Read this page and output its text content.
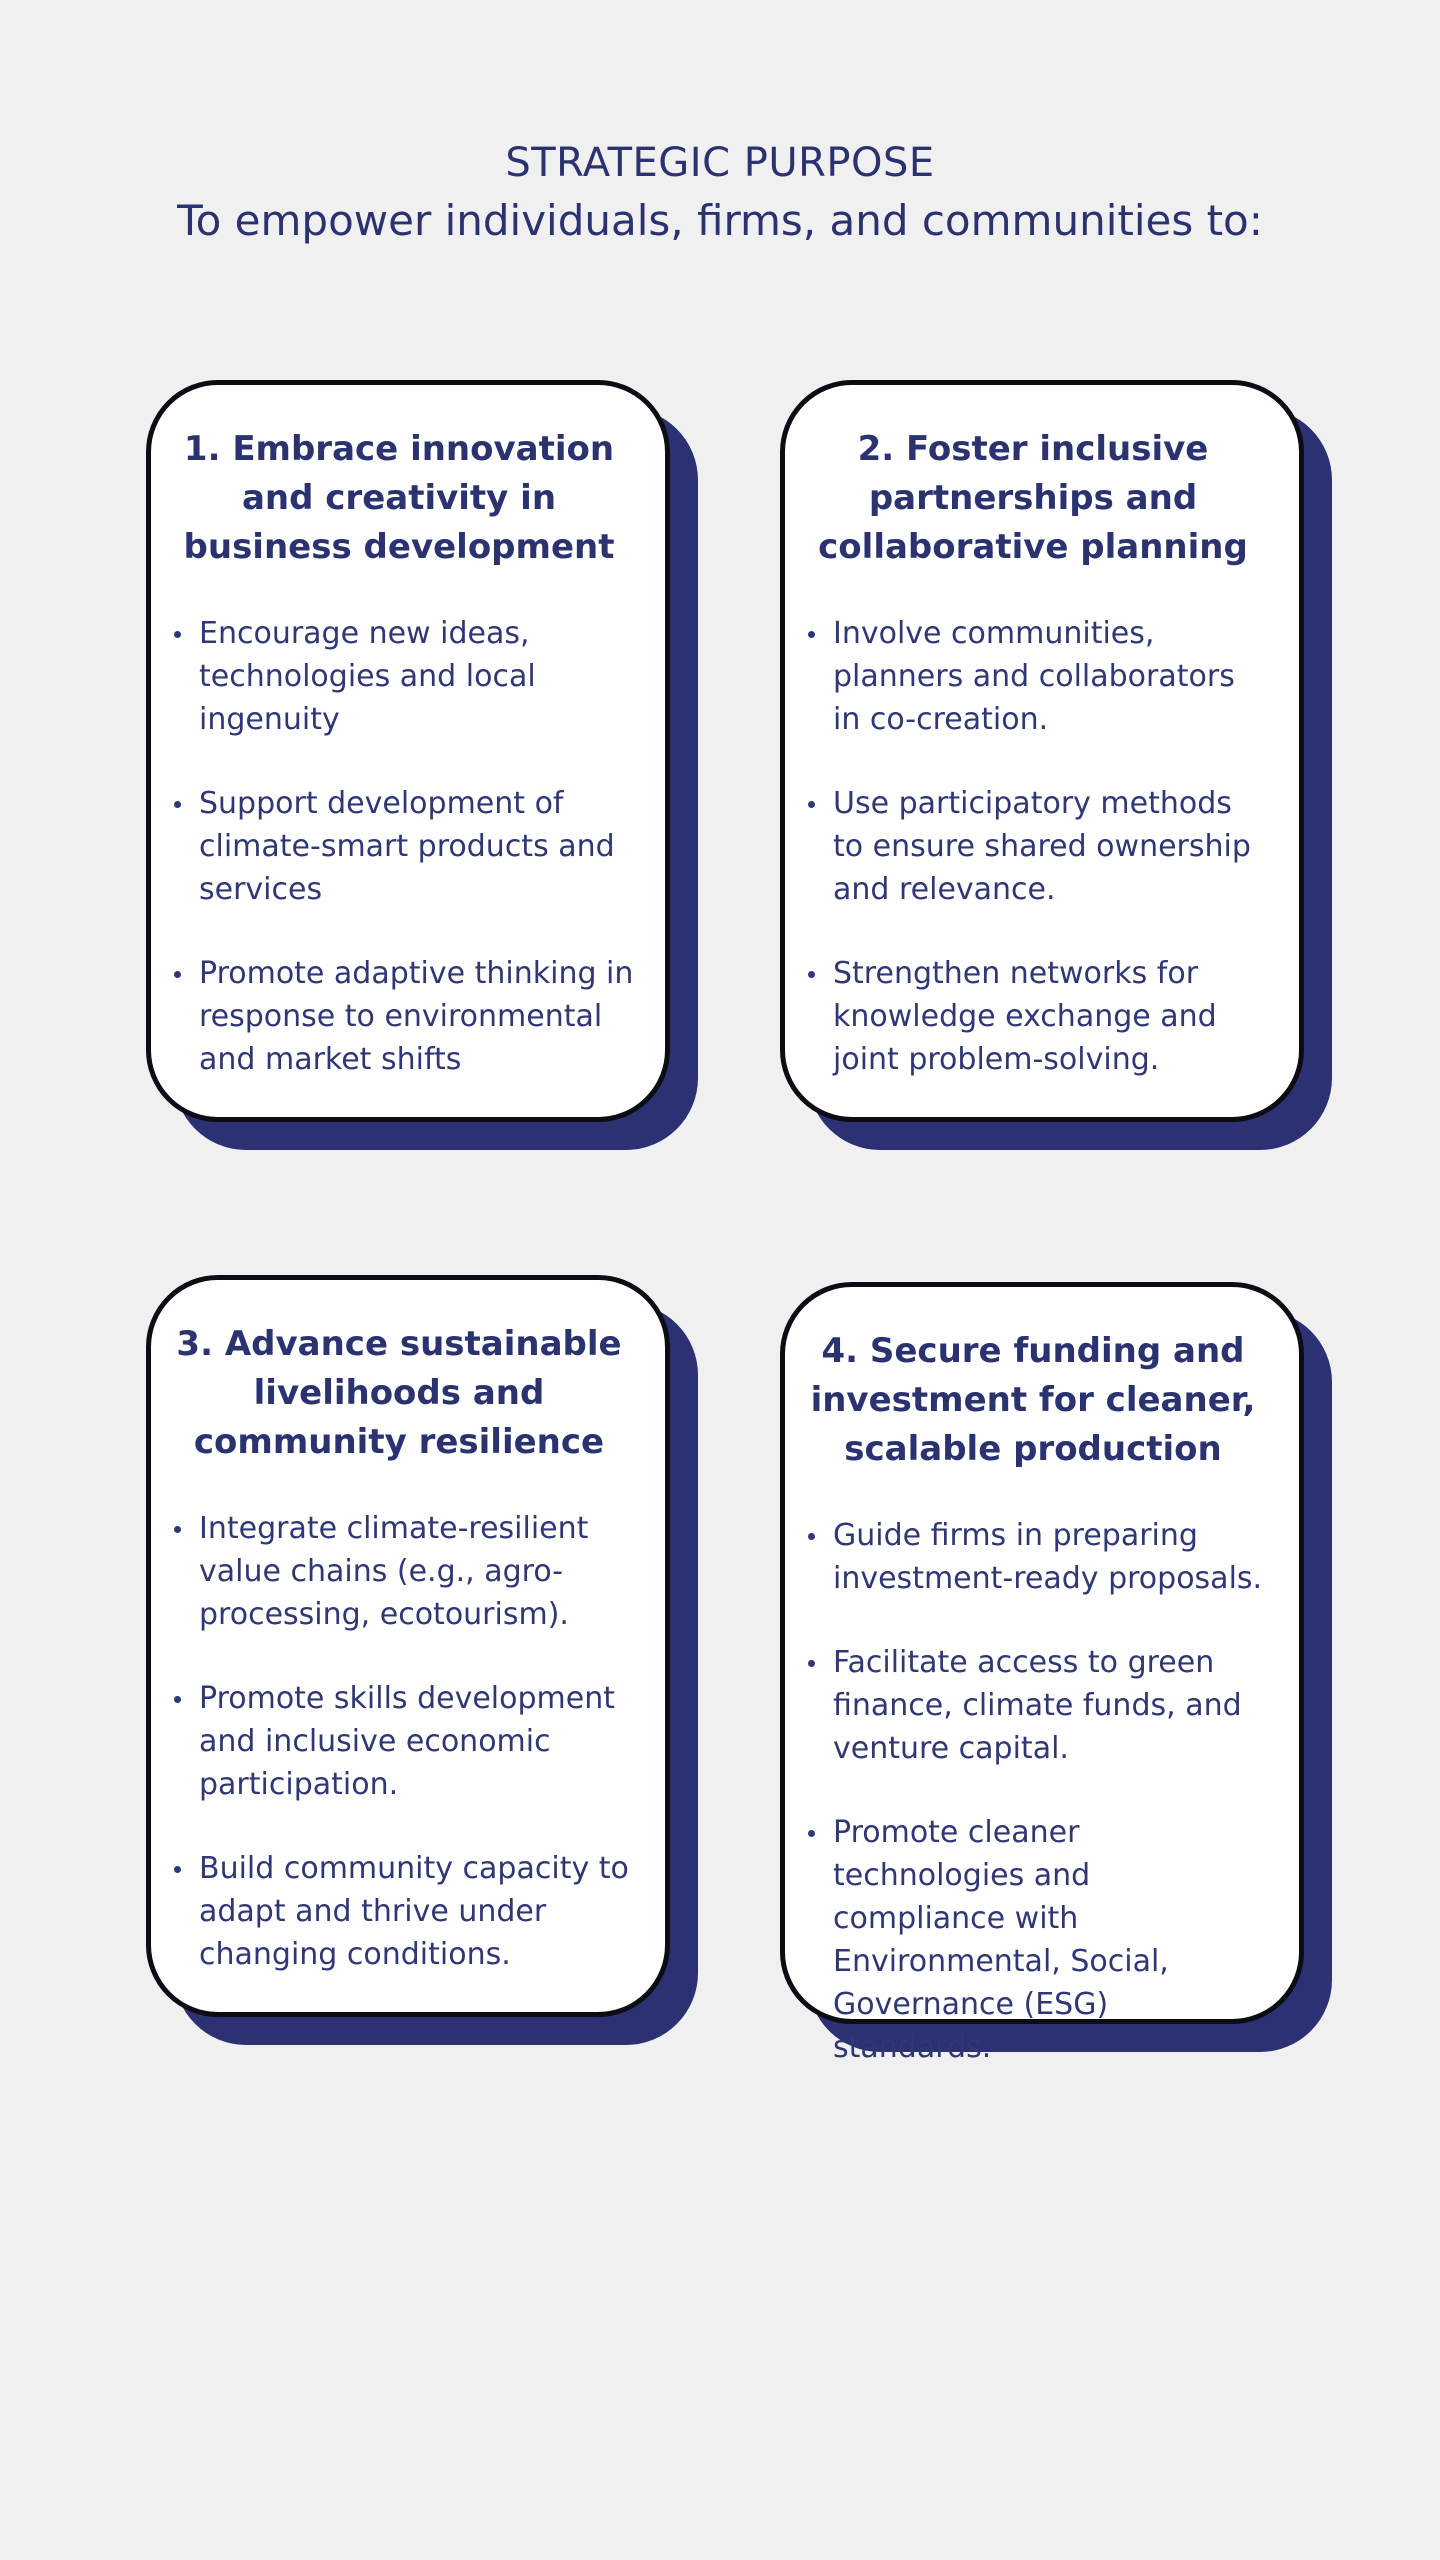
STRATEGIC PURPOSE
To empower individuals, firms, and communities to:
1. Embrace innovation and creativity in business development
Encourage new ideas, technologies and local ingenuity
Support development of climate-smart products and services
Promote adaptive thinking in response to environmental and market shifts
2. Foster inclusive partnerships and collaborative planning
Involve communities, planners and collaborators in co-creation.
Use participatory methods to ensure shared ownership and relevance.
Strengthen networks for knowledge exchange and joint problem-solving.
3. Advance sustainable livelihoods and community resilience
Integrate climate-resilient value chains (e.g., agro-processing, ecotourism).
Promote skills development and inclusive economic participation.
Build community capacity to adapt and thrive under changing conditions.
4. Secure funding and investment for cleaner, scalable production
Guide firms in preparing investment-ready proposals.
Facilitate access to green finance, climate funds, and venture capital.
Promote cleaner technologies and compliance with Environmental, Social, Governance (ESG) standards.
